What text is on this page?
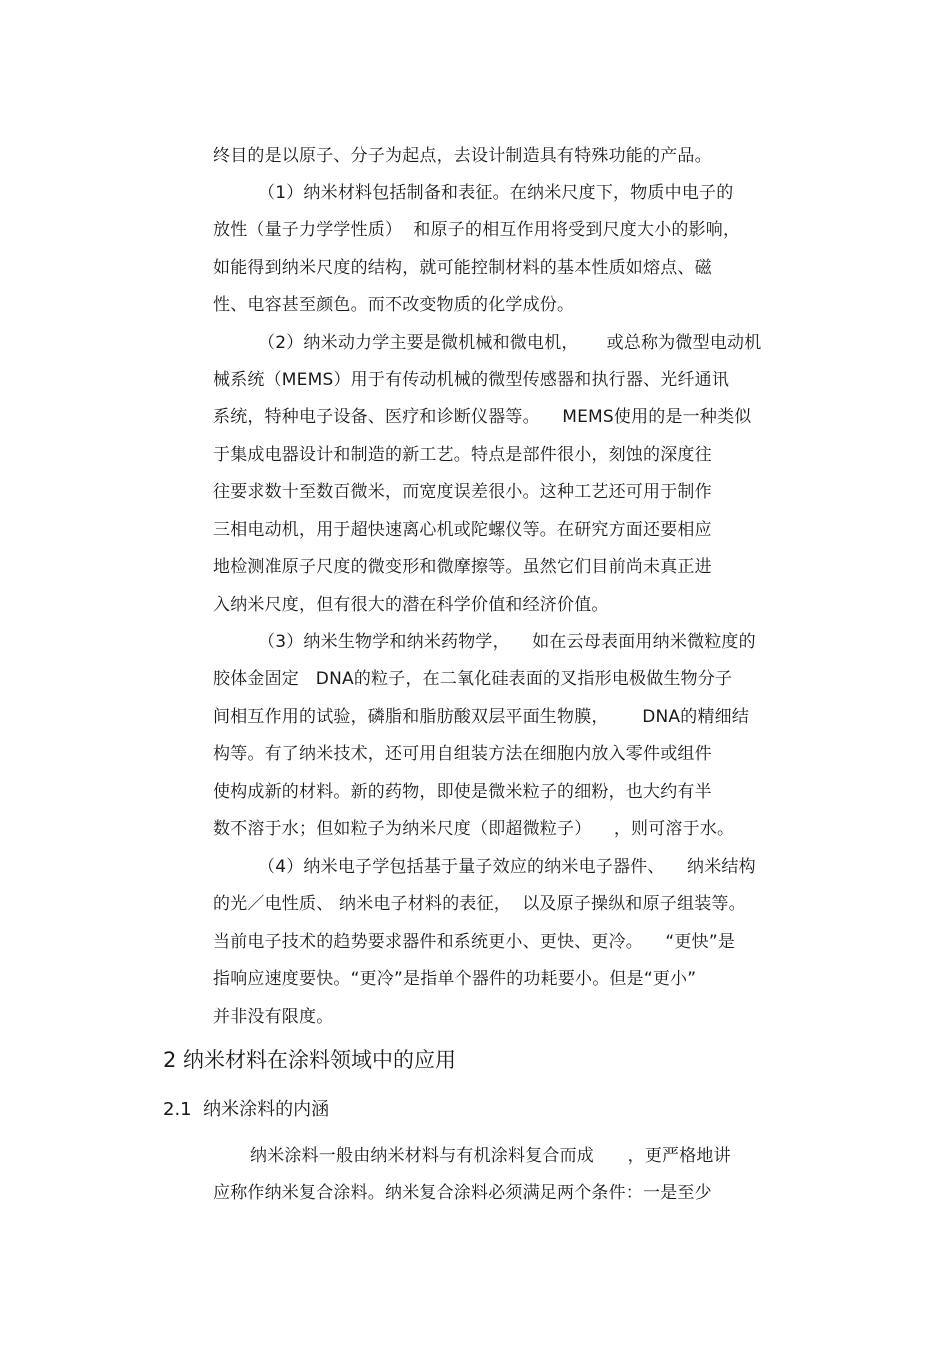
终目的是以原子、分子为起点，去设计制造具有特殊功能的产品。
（1）纳米材料包括制备和表征。在纳米尺度下，物质中电子的
放性（量子力学学性质）  和原子的相互作用将受到尺度大小的影响，
如能得到纳米尺度的结构，就可能控制材料的基本性质如熔点、磁
性、电容甚至颜色。而不改变物质的化学成份。
（2）纳米动力学主要是微机械和微电机，     或总称为微型电动机
械系统（MEMS）用于有传动机械的微型传感器和执行器、光纤通讯
系统，特种电子设备、医疗和诊断仪器等。    MEMS使用的是一种类似
于集成电器设计和制造的新工艺。特点是部件很小，刻蚀的深度往
往要求数十至数百微米，而宽度误差很小。这种工艺还可用于制作
三相电动机，用于超快速离心机或陀螺仪等。在研究方面还要相应
地检测准原子尺度的微变形和微摩擦等。虽然它们目前尚未真正进
入纳米尺度，但有很大的潜在科学价值和经济价值。
（3）纳米生物学和纳米药物学，    如在云母表面用纳米微粒度的
胶体金固定   DNA的粒子，在二氧化硅表面的叉指形电极做生物分子
间相互作用的试验，磷脂和脂肪酸双层平面生物膜，      DNA的精细结
构等。有了纳米技术，还可用自组装方法在细胞内放入零件或组件
使构成新的材料。新的药物，即使是微米粒子的细粉，也大约有半
数不溶于水；但如粒子为纳米尺度（即超微粒子）    ，则可溶于水。
（4）纳米电子学包括基于量子效应的纳米电子器件、    纳米结构
的光／电性质、 纳米电子材料的表征，  以及原子操纵和原子组装等。
当前电子技术的趋势要求器件和系统更小、更快、更冷。    “更快”是
指响应速度要快。“更冷”是指单个器件的功耗要小。但是“更小”
并非没有限度。
2 纳米材料在涂料领域中的应用
2.1  纳米涂料的内涵
纳米涂料一般由纳米材料与有机涂料复合而成      ，更严格地讲
应称作纳米复合涂料。纳米复合涂料必须满足两个条件：一是至少
